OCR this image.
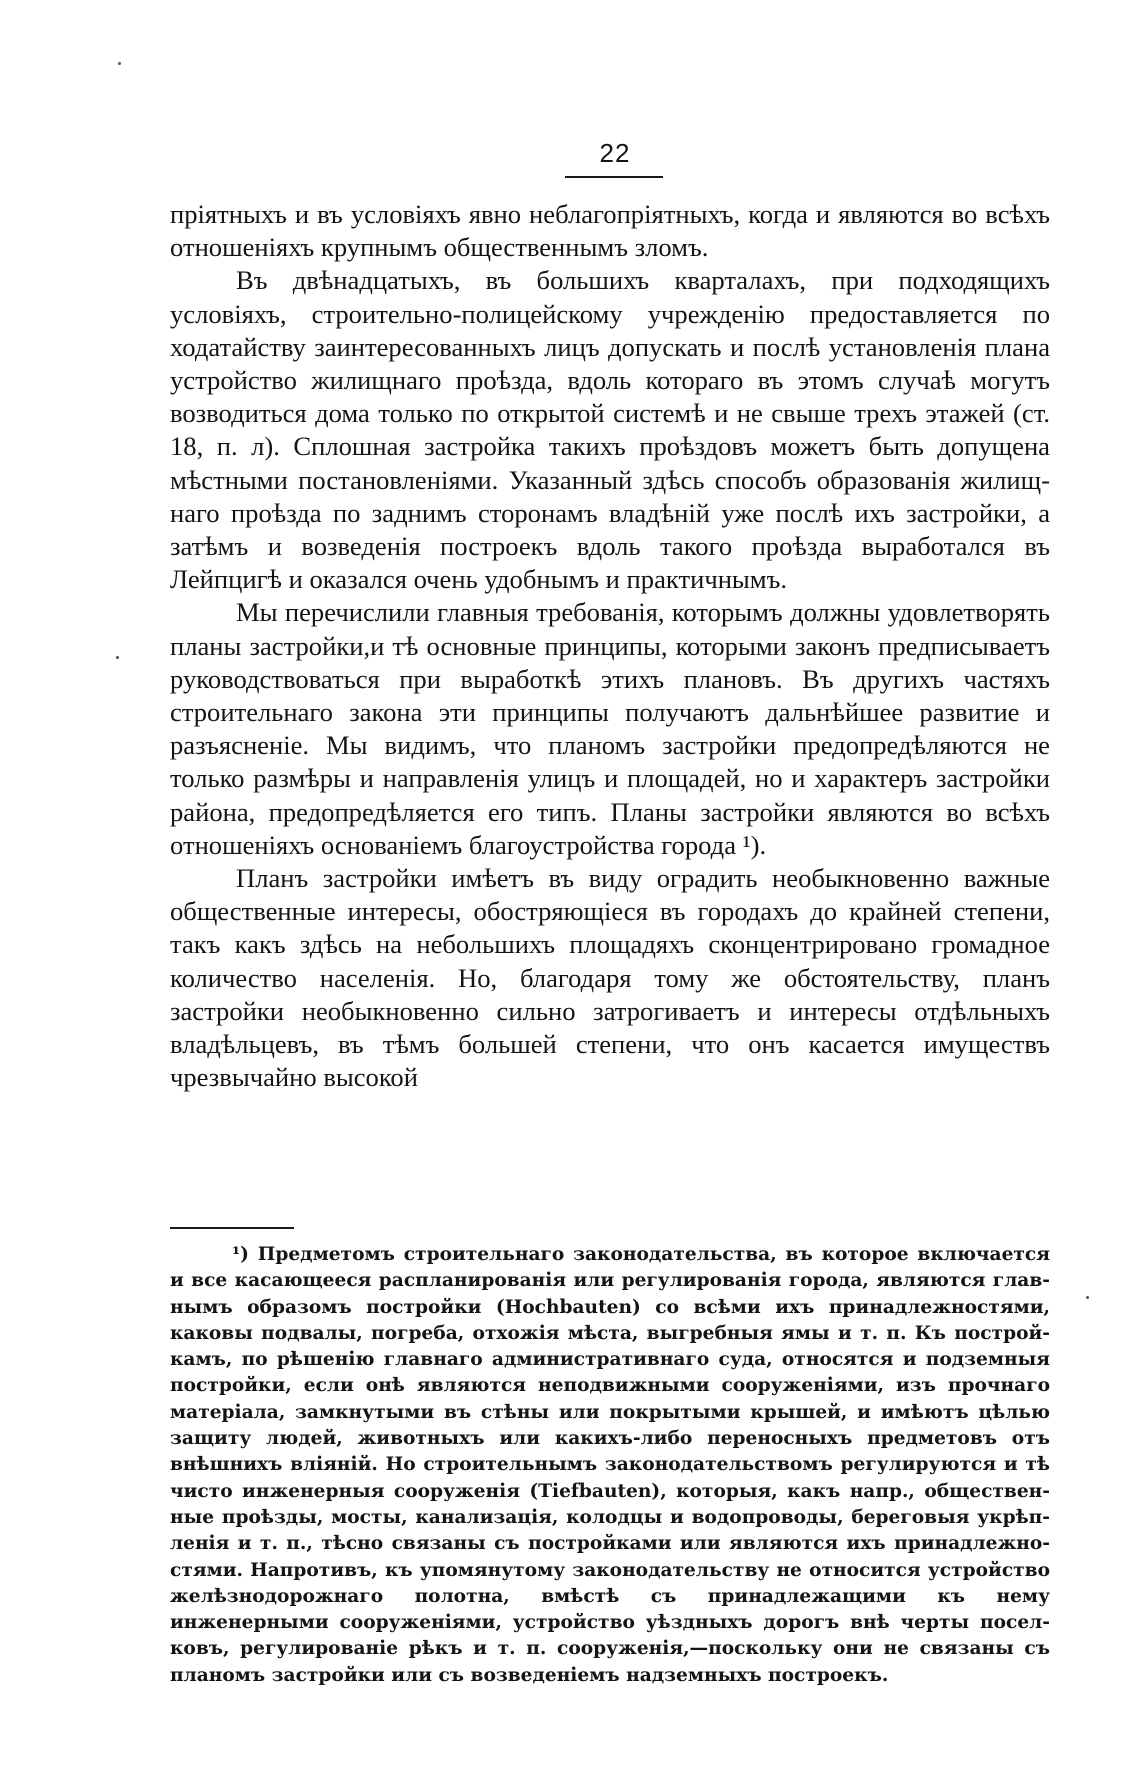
22

пріятныхъ и въ условіяхъ явно неблагопріятныхъ, когда и являются во всѣхъ отношеніяхъ крупнымъ общественнымъ зломъ.

Въ двѣнадцатыхъ, въ большихъ кварталахъ, при подходящихъ условіяхъ, строительно-полицейскому учрежденію предоставляется по ходатайству заинтересованныхъ лицъ допускать и послѣ установленія плана устройство жилищнаго проѣзда, вдоль котораго въ этомъ случаѣ могутъ возводиться дома только по открытой системѣ и не свыше трехъ этажей (ст. 18, п. л). Сплошная застройка такихъ проѣздовъ можетъ быть допущена мѣстными постановленіями. Указанный здѣсь способъ образованія жилищнаго проѣзда по заднимъ сторонамъ владѣній уже послѣ ихъ застройки, а затѣмъ и возведенія построекъ вдоль такого проѣзда выработался въ Лейпцигѣ и оказался очень удобнымъ и практичнымъ.

Мы перечислили главныя требованія, которымъ должны удовлетворять планы застройки,и тѣ основные принципы, которыми законъ предписываетъ руководствоваться при выработкѣ этихъ плановъ. Въ другихъ частяхъ строительнаго закона эти принципы получаютъ дальнѣйшее развитие и разъясненіе. Мы видимъ, что планомъ застройки предопредѣляются не только размѣры и направленія улицъ и площадей, но и характеръ застройки района, предопредѣляется его типъ. Планы застройки являются во всѣхъ отношеніяхъ основаніемъ благоустройства города ¹).

Планъ застройки имѣетъ въ виду оградить необыкновенно важные общественные интересы, обостряющіеся въ городахъ до крайней степени, такъ какъ здѣсь на небольшихъ площадяхъ сконцентрировано громадное количество населенія. Но, благодаря тому же обстоятельству, планъ застройки необыкновенно сильно затрогиваетъ и интересы отдѣльныхъ владѣльцевъ, въ тѣмъ большей степени, что онъ касается имуществъ чрезвычайно высокой

¹) Предметомъ строительнаго законодательства, въ которое включается и все касающееся распланированія или регулированія города, являются главнымъ образомъ постройки (Hochbauten) со всѣми ихъ принадлежностями, каковы подвалы, погреба, отхожія мѣста, выгребныя ямы и т. п. Къ постройкамъ, по рѣшенію главнаго административнаго суда, относятся и подземныя постройки, если онѣ являются неподвижными сооруженіями, изъ прочнаго матеріала, замкнутыми въ стѣны или покрытыми крышей, и имѣютъ цѣлью защиту людей, животныхъ или какихъ-либо переносныхъ предметовъ отъ внѣшнихъ вліяній. Но строительнымъ законодательствомъ регулируются и тѣ чисто инженерныя сооруженія (Tiefbauten), которыя, какъ напр., общественные проѣзды, мосты, канализація, колодцы и водопроводы, береговыя укрѣпленія и т. п., тѣсно связаны съ постройками или являются ихъ принадлежностями. Напротивъ, къ упомянутому законодательству не относится устройство желѣзнодорожнаго полотна, вмѣстѣ съ принадлежащими къ нему инженерными сооруженіями, устройство уѣздныхъ дорогъ внѣ черты поселковъ, регулированіе рѣкъ и т. п. сооруженія,—поскольку они не связаны съ планомъ застройки или съ возведеніемъ надземныхъ построекъ.
